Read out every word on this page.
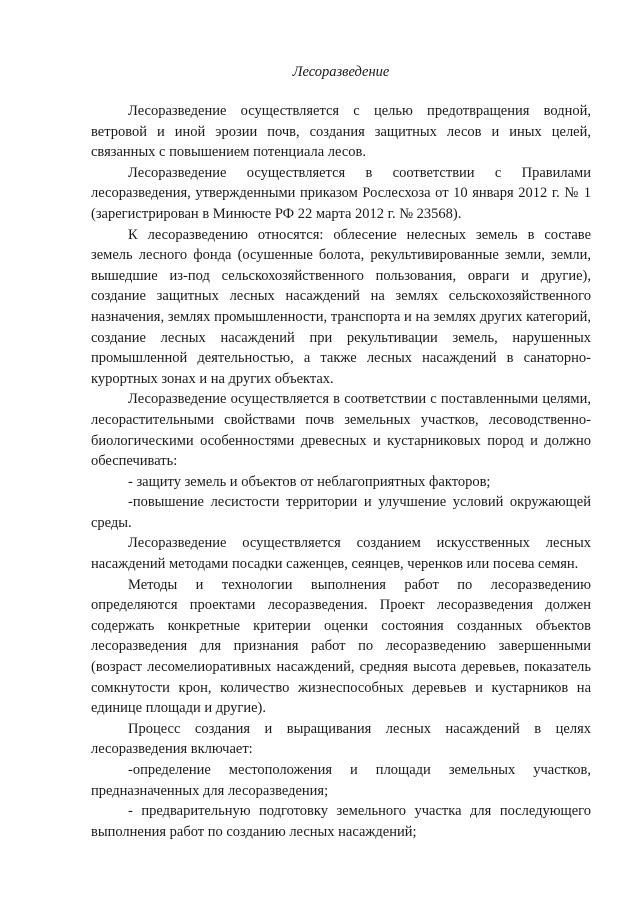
Лесоразведение

Лесоразведение осуществляется с целью предотвращения водной, ветровой и иной эрозии почв, создания защитных лесов и иных целей, связанных с повышением потенциала лесов.

Лесоразведение осуществляется в соответствии с Правилами лесоразведения, утвержденными приказом Рослесхоза от 10 января 2012 г. № 1 (зарегистрирован в Минюсте РФ 22 марта 2012 г. № 23568).

К лесоразведению относятся: облесение нелесных земель в составе земель лесного фонда (осушенные болота, рекультивированные земли, земли, вышедшие из-под сельскохозяйственного пользования, овраги и другие), создание защитных лесных насаждений на землях сельскохозяйственного назначения, землях промышленности, транспорта и на землях других категорий, создание лесных насаждений при рекультивации земель, нарушенных промышленной деятельностью, а также лесных насаждений в санаторно-курортных зонах и на других объектах.

Лесоразведение осуществляется в соответствии с поставленными целями, лесорастительными свойствами почв земельных участков, лесоводственно-биологическими особенностями древесных и кустарниковых пород и должно обеспечивать:

- защиту земель и объектов от неблагоприятных факторов;

-повышение лесистости территории и улучшение условий окружающей среды.

Лесоразведение осуществляется созданием искусственных лесных насаждений методами посадки саженцев, сеянцев, черенков или посева семян.

Методы и технологии выполнения работ по лесоразведению определяются проектами лесоразведения. Проект лесоразведения должен содержать конкретные критерии оценки состояния созданных объектов лесоразведения для признания работ по лесоразведению завершенными (возраст лесомелиоративных насаждений, средняя высота деревьев, показатель сомкнутости крон, количество жизнеспособных деревьев и кустарников на единице площади и другие).

Процесс создания и выращивания лесных насаждений в целях лесоразведения включает:

-определение местоположения и площади земельных участков, предназначенных для лесоразведения;

- предварительную подготовку земельного участка для последующего выполнения работ по созданию лесных насаждений;
